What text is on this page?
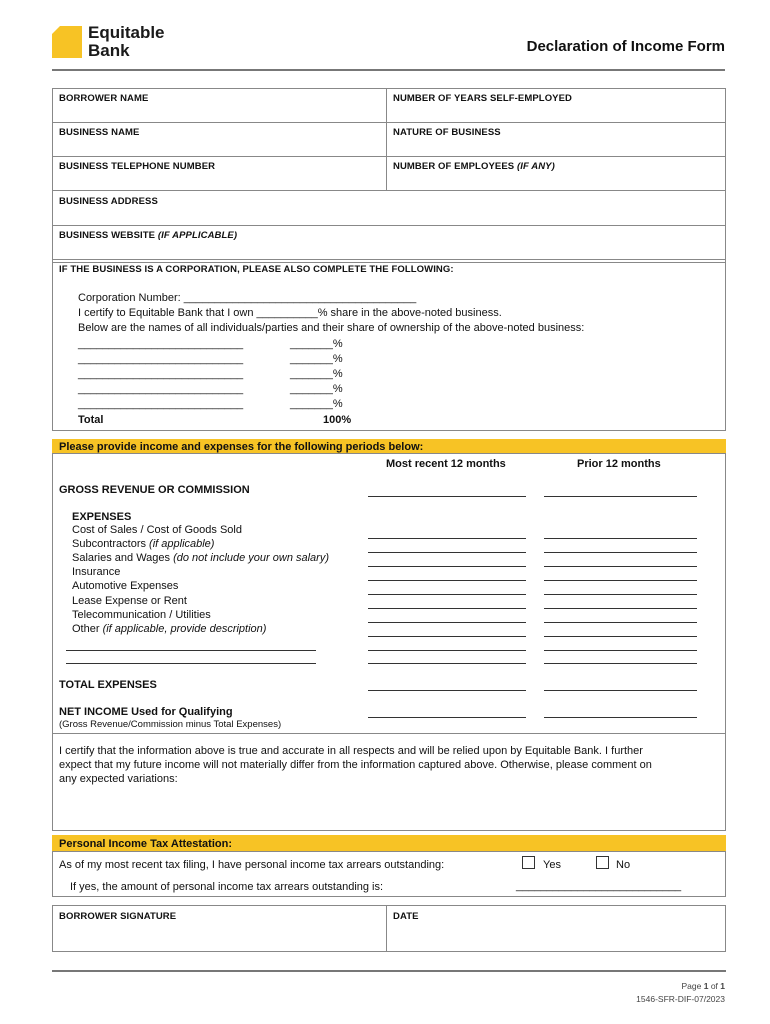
Equitable
Bank	Declaration of Income Form
BORROWER NAME	NUMBER OF YEARS SELF-EMPLOYED
BUSINESS NAME	NATURE OF BUSINESS
BUSINESS TELEPHONE NUMBER	NUMBER OF EMPLOYEES (IF ANY)
BUSINESS ADDRESS
BUSINESS WEBSITE (IF APPLICABLE)
IF THE BUSINESS IS A CORPORATION, PLEASE ALSO COMPLETE THE FOLLOWING:
Corporation Number: ______________________________________
I certify to Equitable Bank that I own __________% share in the above-noted business.
Below are the names of all individuals/parties and their share of ownership of the above-noted business:
___________________________	_______%
___________________________	_______%
___________________________	_______%
___________________________	_______%
___________________________	_______%
Total	100%
Please provide income and expenses for the following periods below:
Most recent 12 months	Prior 12 months
GROSS REVENUE OR COMMISSION
EXPENSES
Cost of Sales / Cost of Goods Sold
Subcontractors (if applicable)
Salaries and Wages (do not include your own salary)
Insurance
Automotive Expenses
Lease Expense or Rent
Telecommunication / Utilities
Other (if applicable, provide description)
TOTAL EXPENSES
NET INCOME Used for Qualifying
(Gross Revenue/Commission minus Total Expenses)
I certify that the information above is true and accurate in all respects and will be relied upon by Equitable Bank. I further
expect that my future income will not materially differ from the information captured above. Otherwise, please comment on
any expected variations:
Personal Income Tax Attestation:
As of my most recent tax filing, I have personal income tax arrears outstanding:	Yes	No
If yes, the amount of personal income tax arrears outstanding is:	___________________________
BORROWER SIGNATURE	DATE
Page 1 of 1
1546-SFR-DIF-07/2023
